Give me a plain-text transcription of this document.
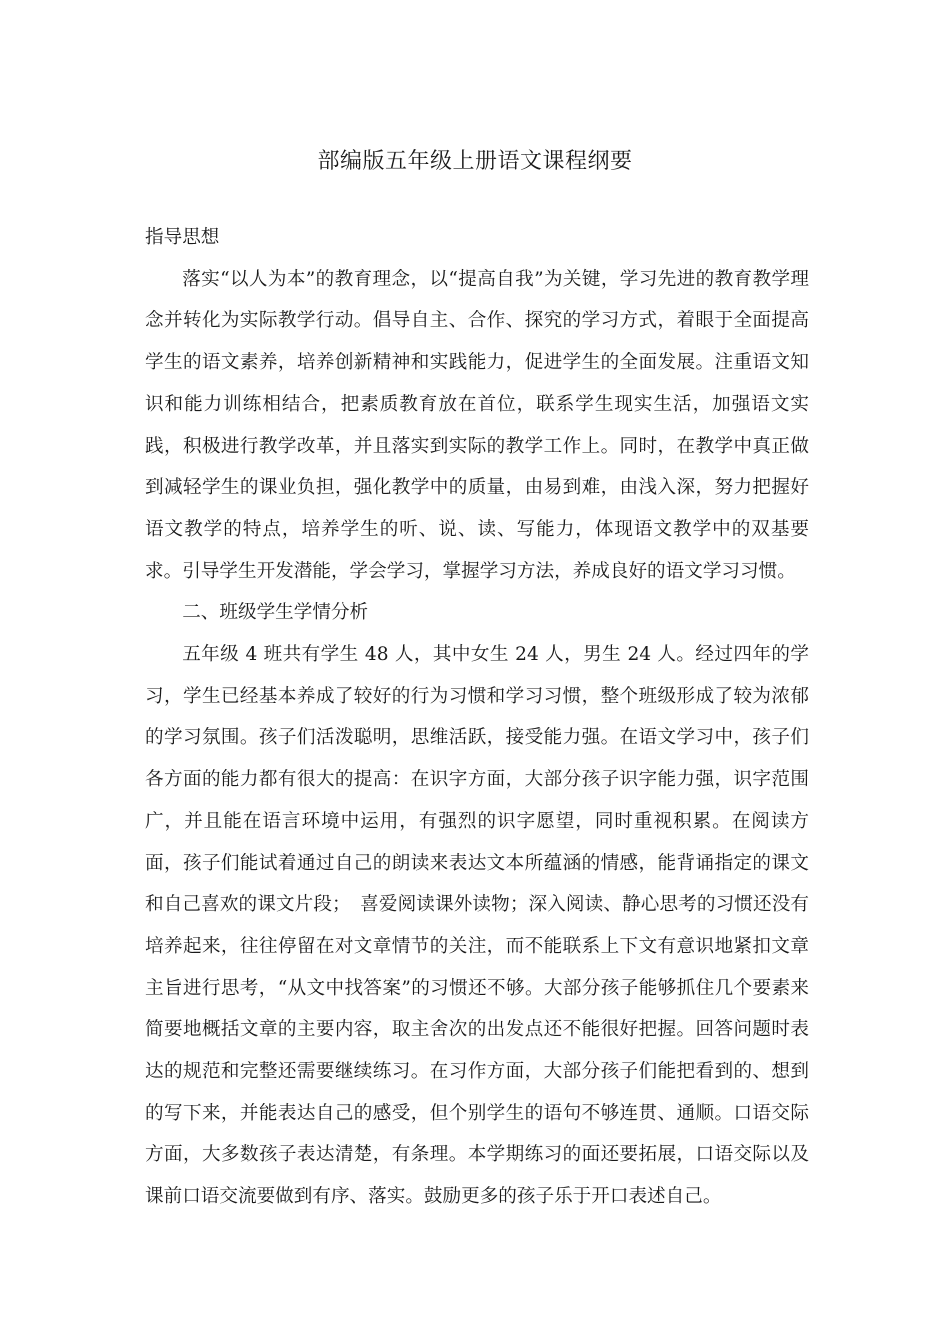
部编版五年级上册语文课程纲要

指导思想

落实“以人为本”的教育理念，以“提高自我”为关键，学习先进的教育教学理念并转化为实际教学行动。倡导自主、合作、探究的学习方式，着眼于全面提高学生的语文素养，培养创新精神和实践能力，促进学生的全面发展。注重语文知识和能力训练相结合，把素质教育放在首位，联系学生现实生活，加强语文实践，积极进行教学改革，并且落实到实际的教学工作上。同时，在教学中真正做到减轻学生的课业负担，强化教学中的质量，由易到难，由浅入深，努力把握好语文教学的特点，培养学生的听、说、读、写能力，体现语文教学中的双基要求。引导学生开发潜能，学会学习，掌握学习方法，养成良好的语文学习习惯。

二、班级学生学情分析

五年级 4 班共有学生 48 人，其中女生 24 人，男生 24 人。经过四年的学习，学生已经基本养成了较好的行为习惯和学习习惯，整个班级形成了较为浓郁的学习氛围。孩子们活泼聪明，思维活跃，接受能力强。在语文学习中，孩子们各方面的能力都有很大的提高：在识字方面，大部分孩子识字能力强，识字范围广，并且能在语言环境中运用，有强烈的识字愿望，同时重视积累。在阅读方面，孩子们能试着通过自己的朗读来表达文本所蕴涵的情感，能背诵指定的课文和自己喜欢的课文片段；　喜爱阅读课外读物；深入阅读、静心思考的习惯还没有培养起来，往往停留在对文章情节的关注，而不能联系上下文有意识地紧扣文章主旨进行思考，“从文中找答案”的习惯还不够。大部分孩子能够抓住几个要素来简要地概括文章的主要内容，取主舍次的出发点还不能很好把握。回答问题时表达的规范和完整还需要继续练习。在习作方面，大部分孩子们能把看到的、想到的写下来，并能表达自己的感受，但个别学生的语句不够连贯、通顺。口语交际方面，大多数孩子表达清楚，有条理。本学期练习的面还要拓展，口语交际以及课前口语交流要做到有序、落实。鼓励更多的孩子乐于开口表述自己。
